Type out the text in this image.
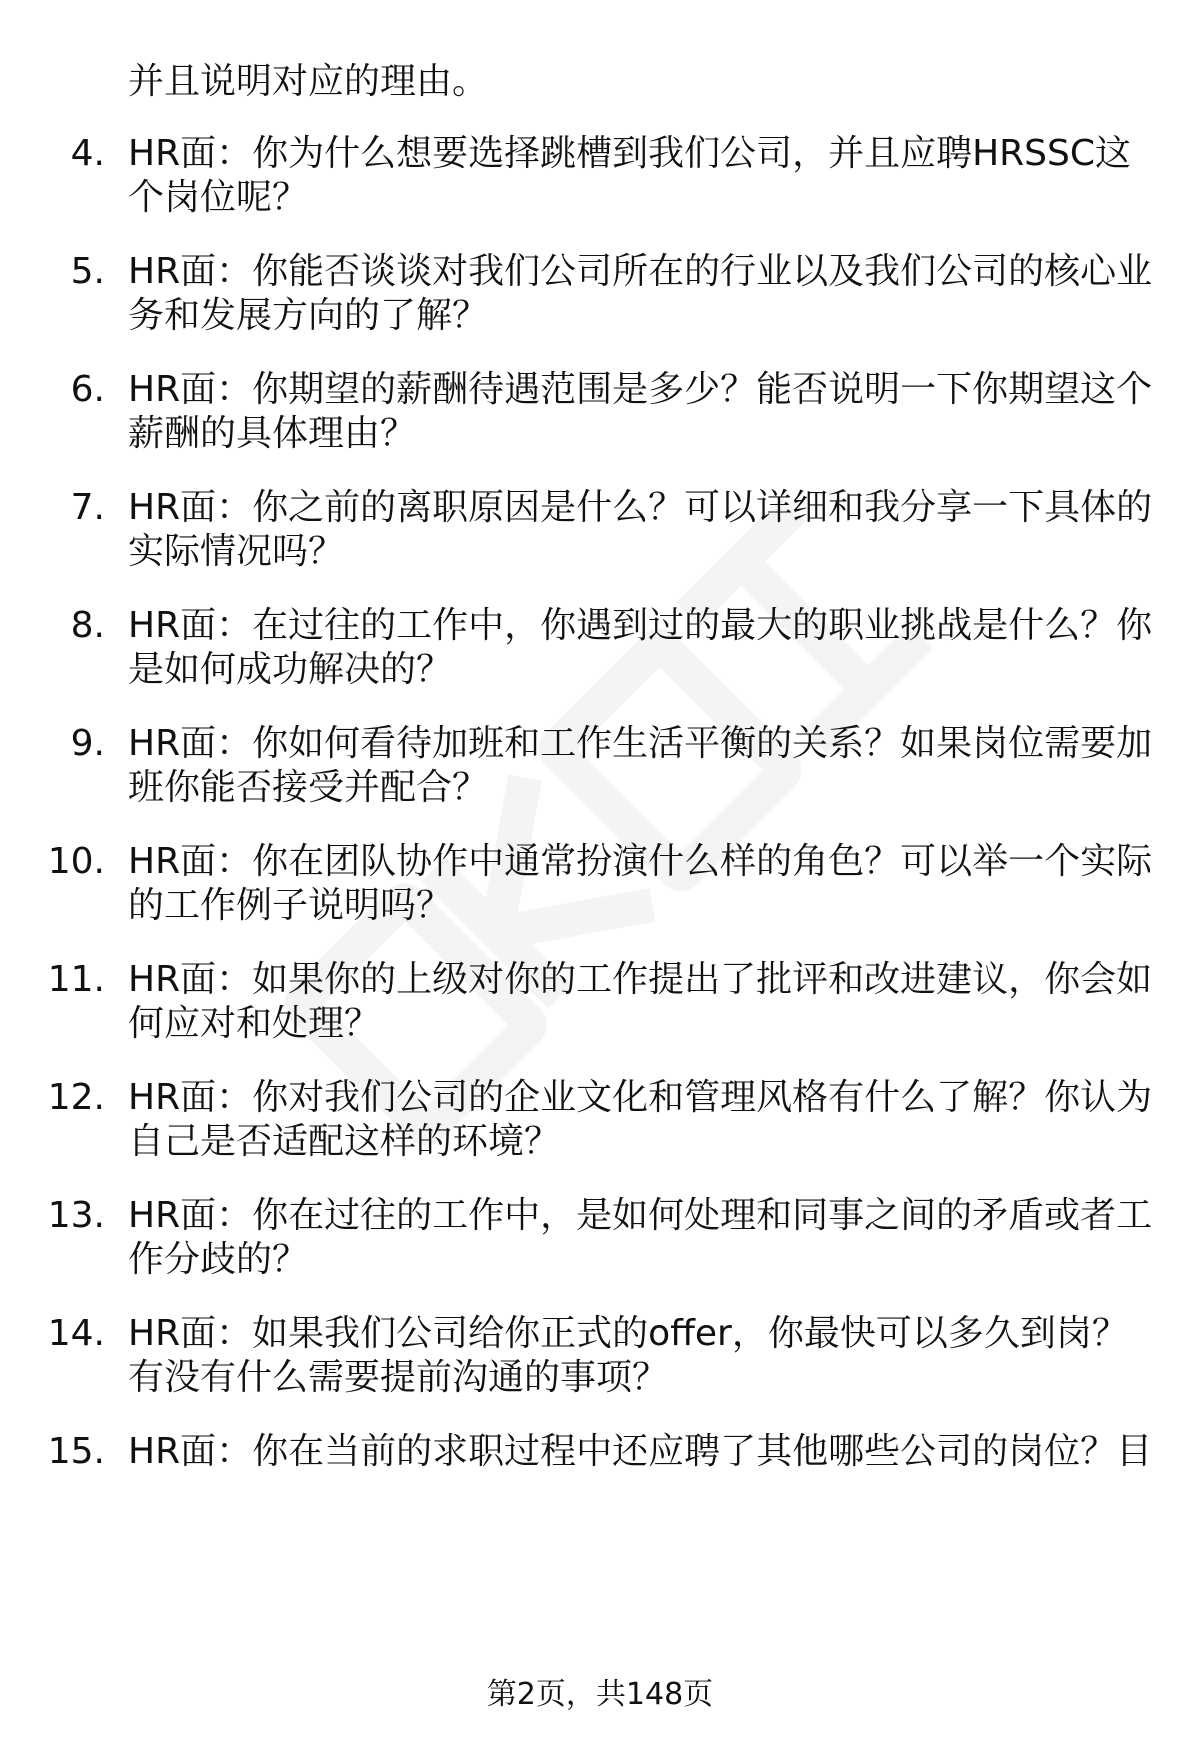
并且说明对应的理由。
4. HR面：你为什么想要选择跳槽到我们公司，并且应聘HRSSC这
个岗位呢？
5. HR面：你能否谈谈对我们公司所在的行业以及我们公司的核心业
务和发展方向的了解？
6. HR面：你期望的薪酬待遇范围是多少？能否说明一下你期望这个
薪酬的具体理由？
7. HR面：你之前的离职原因是什么？可以详细和我分享一下具体的
实际情况吗？
8. HR面：在过往的工作中，你遇到过的最大的职业挑战是什么？你
是如何成功解决的？
9. HR面：你如何看待加班和工作生活平衡的关系？如果岗位需要加
班你能否接受并配合？
10. HR面：你在团队协作中通常扮演什么样的角色？可以举一个实际
的工作例子说明吗？
11. HR面：如果你的上级对你的工作提出了批评和改进建议，你会如
何应对和处理？
12. HR面：你对我们公司的企业文化和管理风格有什么了解？你认为
自己是否适配这样的环境？
13. HR面：你在过往的工作中，是如何处理和同事之间的矛盾或者工
作分歧的？
14. HR面：如果我们公司给你正式的offer，你最快可以多久到岗？
有没有什么需要提前沟通的事项？
15. HR面：你在当前的求职过程中还应聘了其他哪些公司的岗位？目
第2页，共148页
